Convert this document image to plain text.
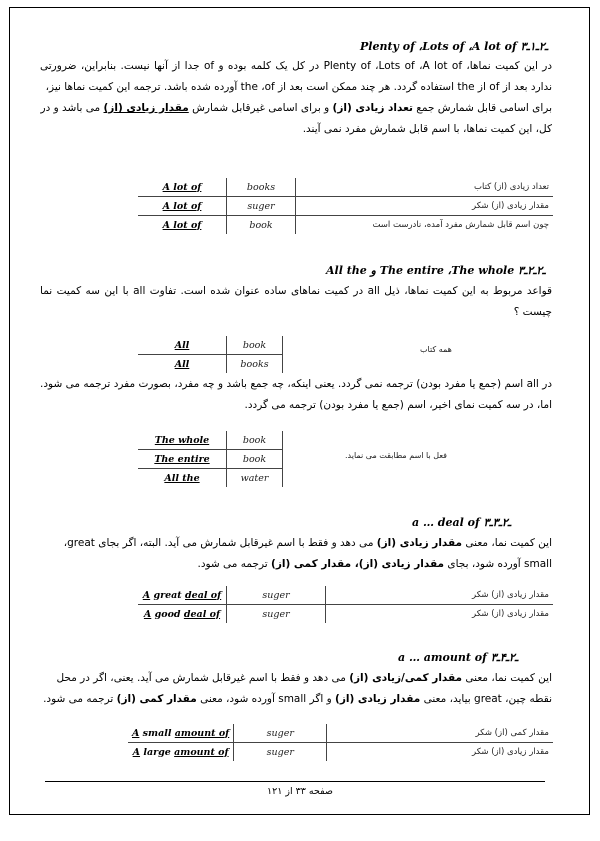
Plenty of ،Lots of ،A lot of ۳ـ۲ـ۱ـ
در این کمیت نماها، Plenty of ،Lots of ،A lot of در کل یک کلمه بوده و of جدا از آنها نیست. بنابراین، ضرورتی ندارد بعد از of از the استفاده گردد. هر چند ممکن است بعد از the ،of آورده شده باشد. ترجمه این کمیت نماها نیز،
برای اسامی قابل شمارش جمع تعداد زیادی (از) و برای اسامی غیرقابل شمارش مقدار زیادی (از) می باشد و در
کل، این کمیت نماها، با اسم قابل شمارش مفرد نمی آیند.
A lot of	books	تعداد زیادی (از) کتاب
A lot of	suger	مقدار زیادی (از) شکر
A lot of	book	چون اسم قابل شمارش مفرد آمده، نادرست است
All the و The entire ،The whole ۳ـ۲ـ۲ـ
قواعد مربوط به این کمیت نماها، ذیل all در کمیت نماهای ساده عنوان شده است. تفاوت all با این سه کمیت نما چیست ؟
All	book
All	books
همه کتاب
در all اسم (جمع یا مفرد بودن) ترجمه نمی گردد. یعنی اینکه، چه جمع باشد و چه مفرد، بصورت مفرد ترجمه می شود. اما، در سه کمیت نمای اخیر، اسم (جمع یا مفرد بودن) ترجمه می گردد.
The whole	book
The entire	book
All the	water
فعل با اسم مطابقت می نماید.
a … deal of ۳ـ۲ـ۳ـ
این کمیت نما، معنی مقدار زیادی (از) می دهد و فقط با اسم غیرقابل شمارش می آید. البته، اگر بجای great،
small آورده شود، بجای مقدار زیادی (از)، مقدار کمی (از) ترجمه می شود.
A great deal of	suger	مقدار زیادی (از) شکر
A good deal of	suger	مقدار زیادی (از) شکر
a … amount of ۳ـ۲ـ۴ـ
این کمیت نما، معنی مقدار کمی/زیادی (از) می دهد و فقط با اسم غیرقابل شمارش می آید. یعنی، اگر در محل
نقطه چین، great بیاید، معنی مقدار زیادی (از) و اگر small آورده شود، معنی مقدار کمی (از) ترجمه می شود.
A small amount of	suger	مقدار کمی (از) شکر
A large amount of	suger	مقدار زیادی (از) شکر
صفحه ۳۳ از ۱۲۱
